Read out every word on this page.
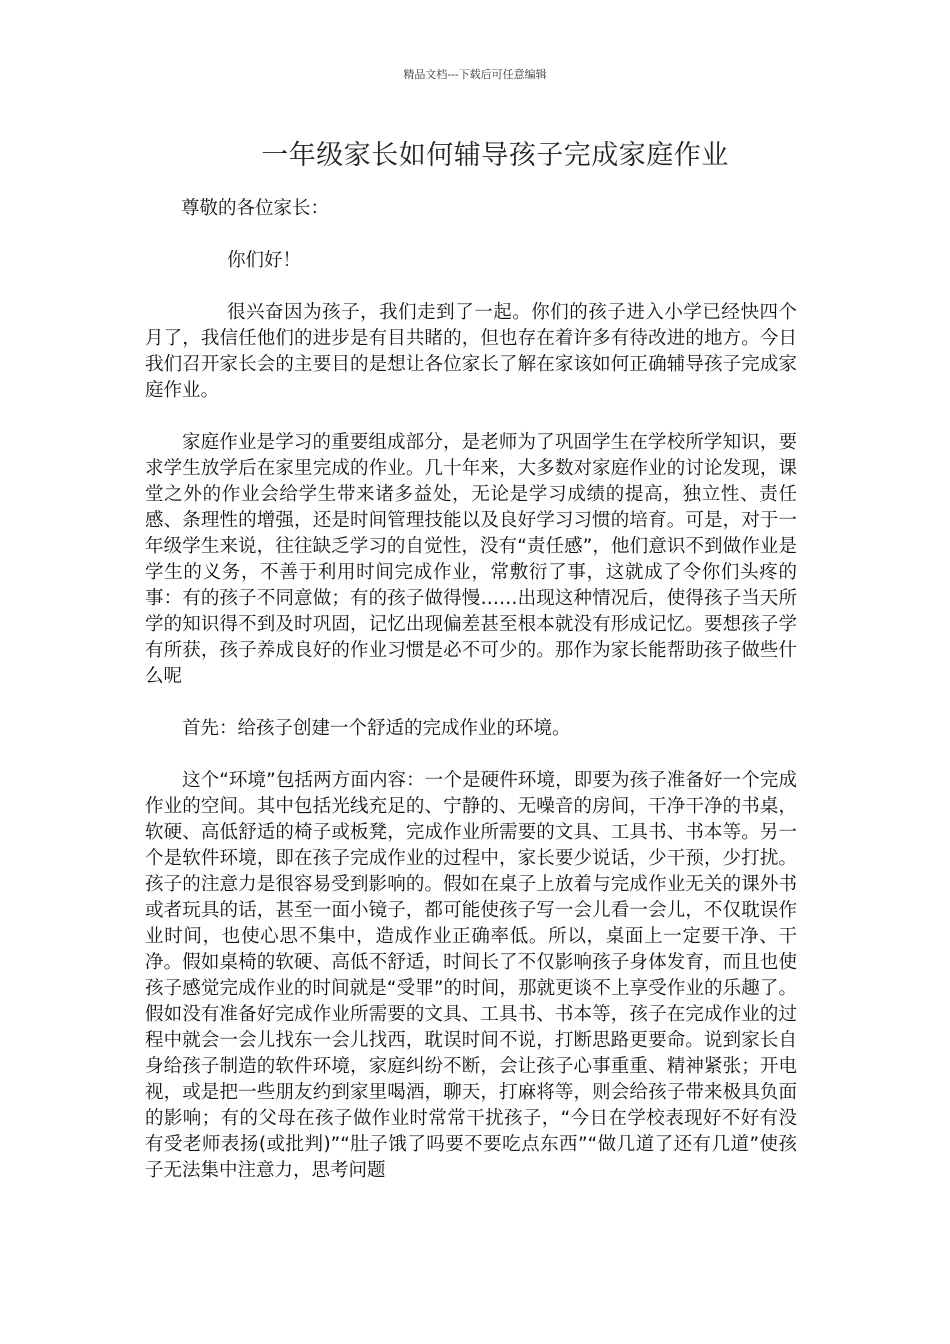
精品文档---下载后可任意编辑
一年级家长如何辅导孩子完成家庭作业

尊敬的各位家长：

你们好！

很兴奋因为孩子，我们走到了一起。你们的孩子进入小学已经快四个月了，我信任他们的进步是有目共睹的，但也存在着许多有待改进的地方。今日我们召开家长会的主要目的是想让各位家长了解在家该如何正确辅导孩子完成家庭作业。

家庭作业是学习的重要组成部分，是老师为了巩固学生在学校所学知识，要求学生放学后在家里完成的作业。几十年来，大多数对家庭作业的讨论发现，课堂之外的作业会给学生带来诸多益处，无论是学习成绩的提高，独立性、责任感、条理性的增强，还是时间管理技能以及良好学习习惯的培育。可是，对于一年级学生来说，往往缺乏学习的自觉性，没有“责任感”，他们意识不到做作业是学生的义务，不善于利用时间完成作业，常敷衍了事，这就成了令你们头疼的事：有的孩子不同意做；有的孩子做得慢……出现这种情况后，使得孩子当天所学的知识得不到及时巩固，记忆出现偏差甚至根本就没有形成记忆。要想孩子学有所获，孩子养成良好的作业习惯是必不可少的。那作为家长能帮助孩子做些什么呢

首先：给孩子创建一个舒适的完成作业的环境。

这个“环境”包括两方面内容：一个是硬件环境，即要为孩子准备好一个完成作业的空间。其中包括光线充足的、宁静的、无噪音的房间，干净干净的书桌，软硬、高低舒适的椅子或板凳，完成作业所需要的文具、工具书、书本等。另一个是软件环境，即在孩子完成作业的过程中，家长要少说话，少干预，少打扰。孩子的注意力是很容易受到影响的。假如在桌子上放着与完成作业无关的课外书或者玩具的话，甚至一面小镜子，都可能使孩子写一会儿看一会儿，不仅耽误作业时间，也使心思不集中，造成作业正确率低。所以，桌面上一定要干净、干净。假如桌椅的软硬、高低不舒适，时间长了不仅影响孩子身体发育，而且也使孩子感觉完成作业的时间就是“受罪”的时间，那就更谈不上享受作业的乐趣了。假如没有准备好完成作业所需要的文具、工具书、书本等，孩子在完成作业的过程中就会一会儿找东一会儿找西，耽误时间不说，打断思路更要命。说到家长自身给孩子制造的软件环境，家庭纠纷不断，会让孩子心事重重、精神紧张；开电视，或是把一些朋友约到家里喝酒，聊天，打麻将等，则会给孩子带来极具负面的影响；有的父母在孩子做作业时常常干扰孩子，“今日在学校表现好不好有没有受老师表扬(或批判)”“肚子饿了吗要不要吃点东西”“做几道了还有几道”使孩子无法集中注意力，思考问题
